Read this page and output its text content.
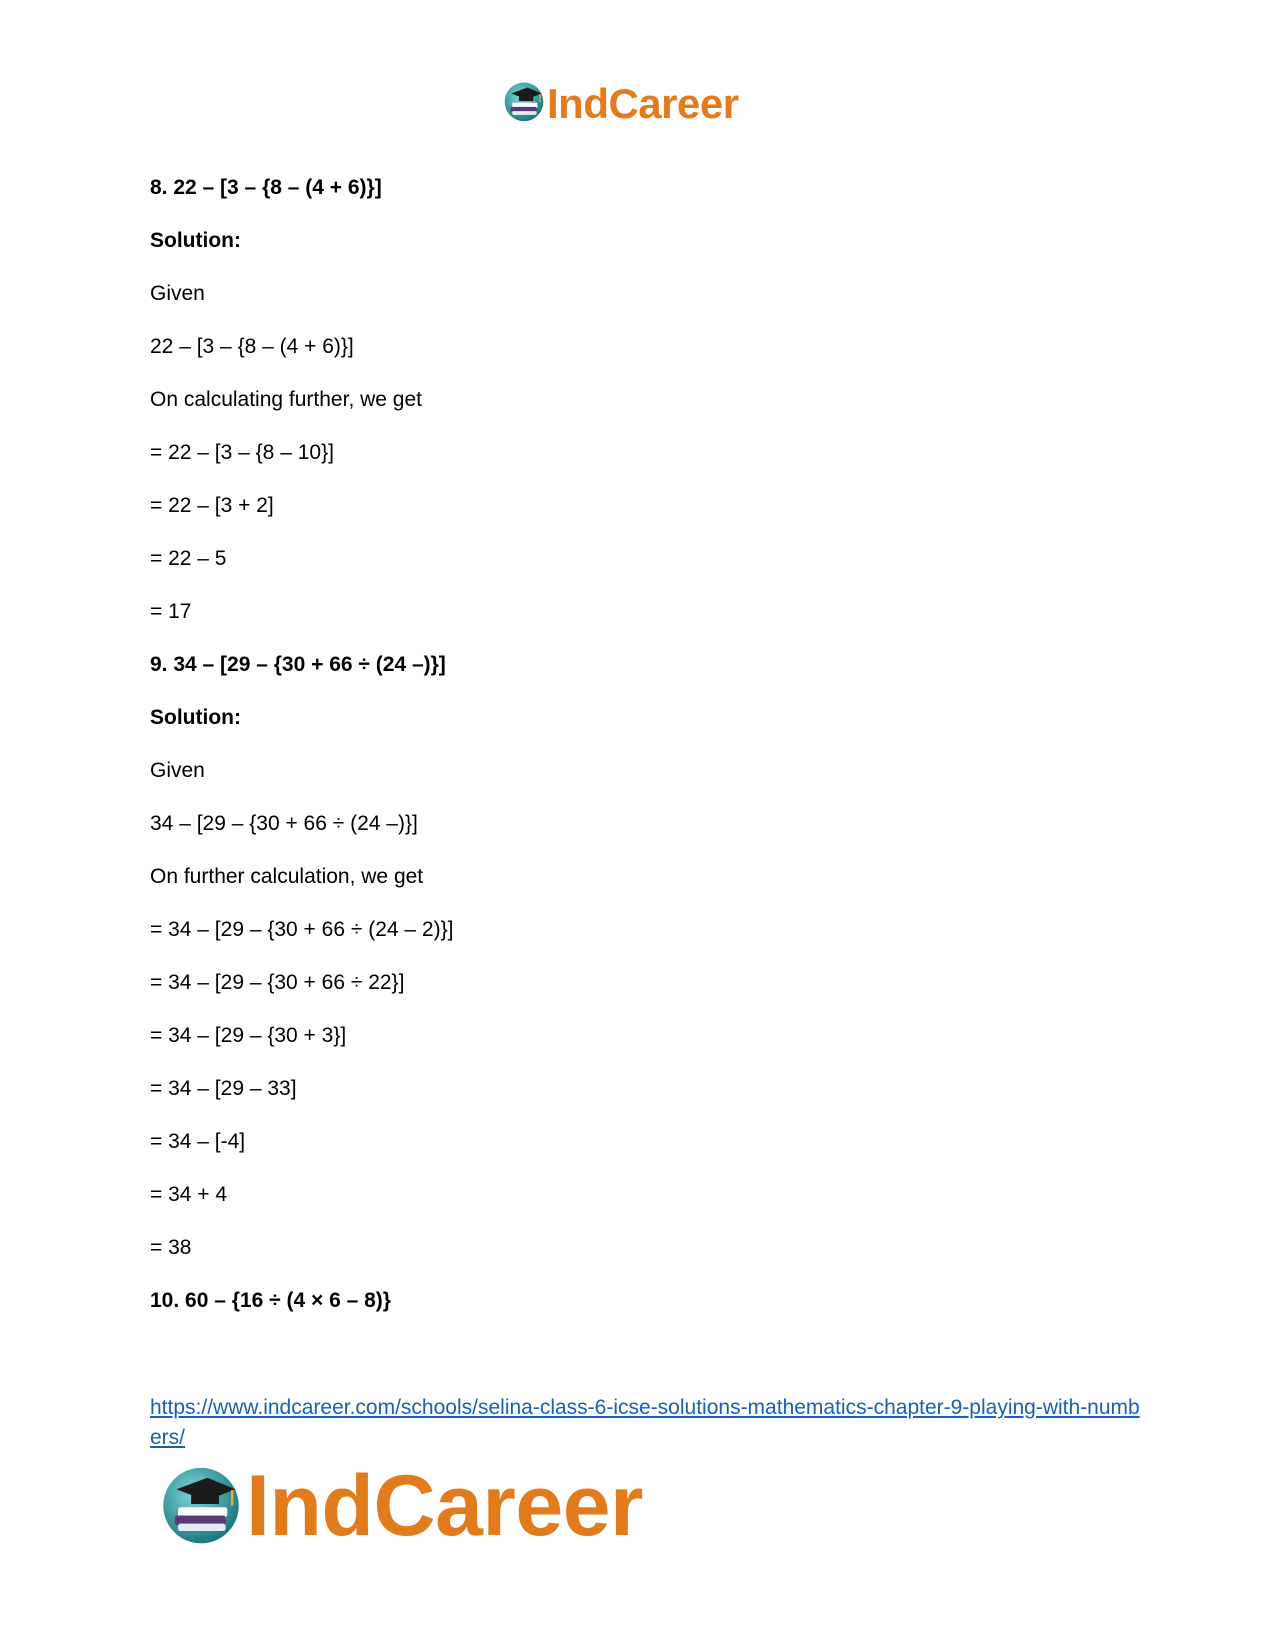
IndCareer
8. 22 – [3 – {8 – (4 + 6)}]
Solution:
Given
22 – [3 – {8 – (4 + 6)}]
On calculating further, we get
= 22 – [3 – {8 – 10}]
= 22 – [3 + 2]
= 22 – 5
= 17
9. 34 – [29 – {30 + 66 ÷ (24 –)}]
Solution:
Given
34 – [29 – {30 + 66 ÷ (24 –)}]
On further calculation, we get
= 34 – [29 – {30 + 66 ÷ (24 – 2)}]
= 34 – [29 – {30 + 66 ÷ 22}]
= 34 – [29 – {30 + 3}]
= 34 – [29 – 33]
= 34 – [-4]
= 34 + 4
= 38
10. 60 – {16 ÷ (4 × 6 – 8)}
https://www.indcareer.com/schools/selina-class-6-icse-solutions-mathematics-chapter-9-playing-with-numbers/
IndCareer
